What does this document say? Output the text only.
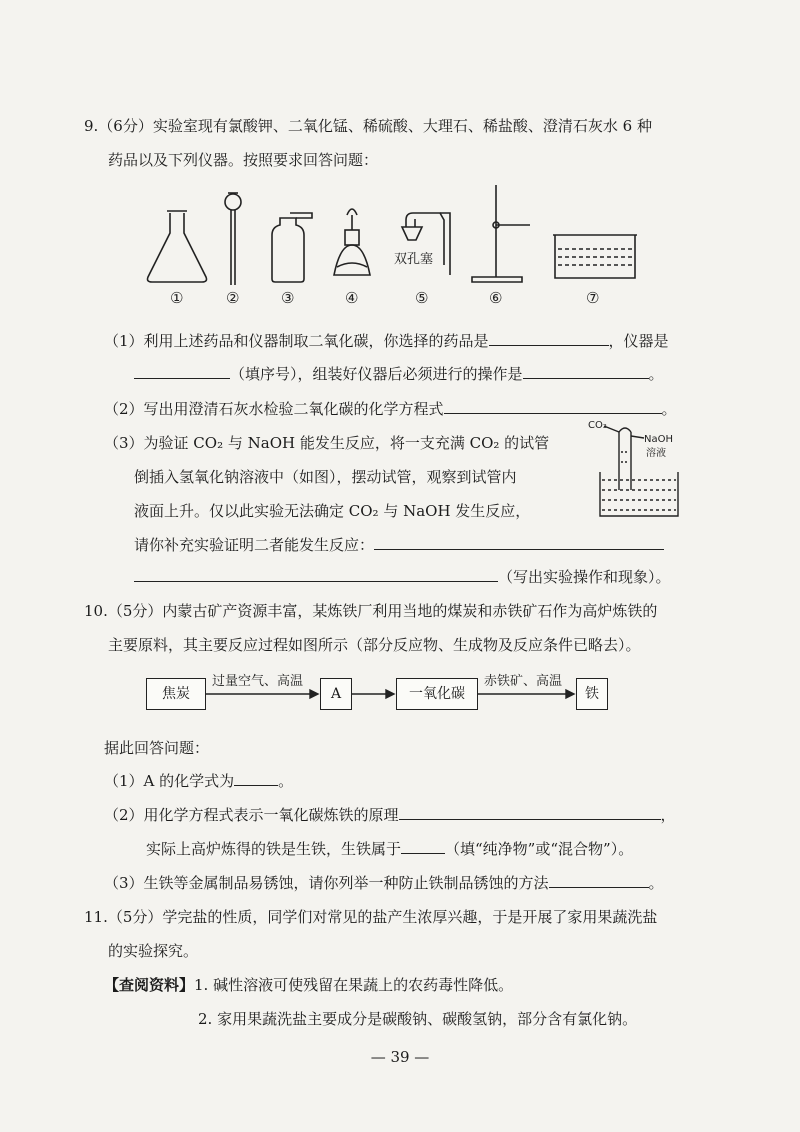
9.（6分）实验室现有氯酸钾、二氧化锰、稀硫酸、大理石、稀盐酸、澄清石灰水 6 种
药品以及下列仪器。按照要求回答问题：
双孔塞
①	②	③	④	⑤	⑥	⑦
（1）利用上述药品和仪器制取二氧化碳，你选择的药品是	，仪器是
（填序号），组装好仪器后必须进行的操作是	。
（2）写出用澄清石灰水检验二氧化碳的化学方程式	。
（3）为验证 CO₂ 与 NaOH 能发生反应，将一支充满 CO₂ 的试管
倒插入氢氧化钠溶液中（如图），摆动试管，观察到试管内
液面上升。仅以此实验无法确定 CO₂ 与 NaOH 发生反应，
请你补充实验证明二者能发生反应：
（写出实验操作和现象）。
CO₂
NaOH
溶液
10.（5分）内蒙古矿产资源丰富，某炼铁厂利用当地的煤炭和赤铁矿石作为高炉炼铁的
主要原料，其主要反应过程如图所示（部分反应物、生成物及反应条件已略去）。
焦炭
过量空气、高温
A	一氧化碳
赤铁矿、高温
铁
据此回答问题：
（1）A 的化学式为	。
（2）用化学方程式表示一氧化碳炼铁的原理	，
实际上高炉炼得的铁是生铁，生铁属于	（填“纯净物”或“混合物”）。
（3）生铁等金属制品易锈蚀，请你列举一种防止铁制品锈蚀的方法	。
11.（5分）学完盐的性质，同学们对常见的盐产生浓厚兴趣，于是开展了家用果蔬洗盐
的实验探究。
【查阅资料】1. 碱性溶液可使残留在果蔬上的农药毒性降低。
2. 家用果蔬洗盐主要成分是碳酸钠、碳酸氢钠，部分含有氯化钠。
— 39 —
